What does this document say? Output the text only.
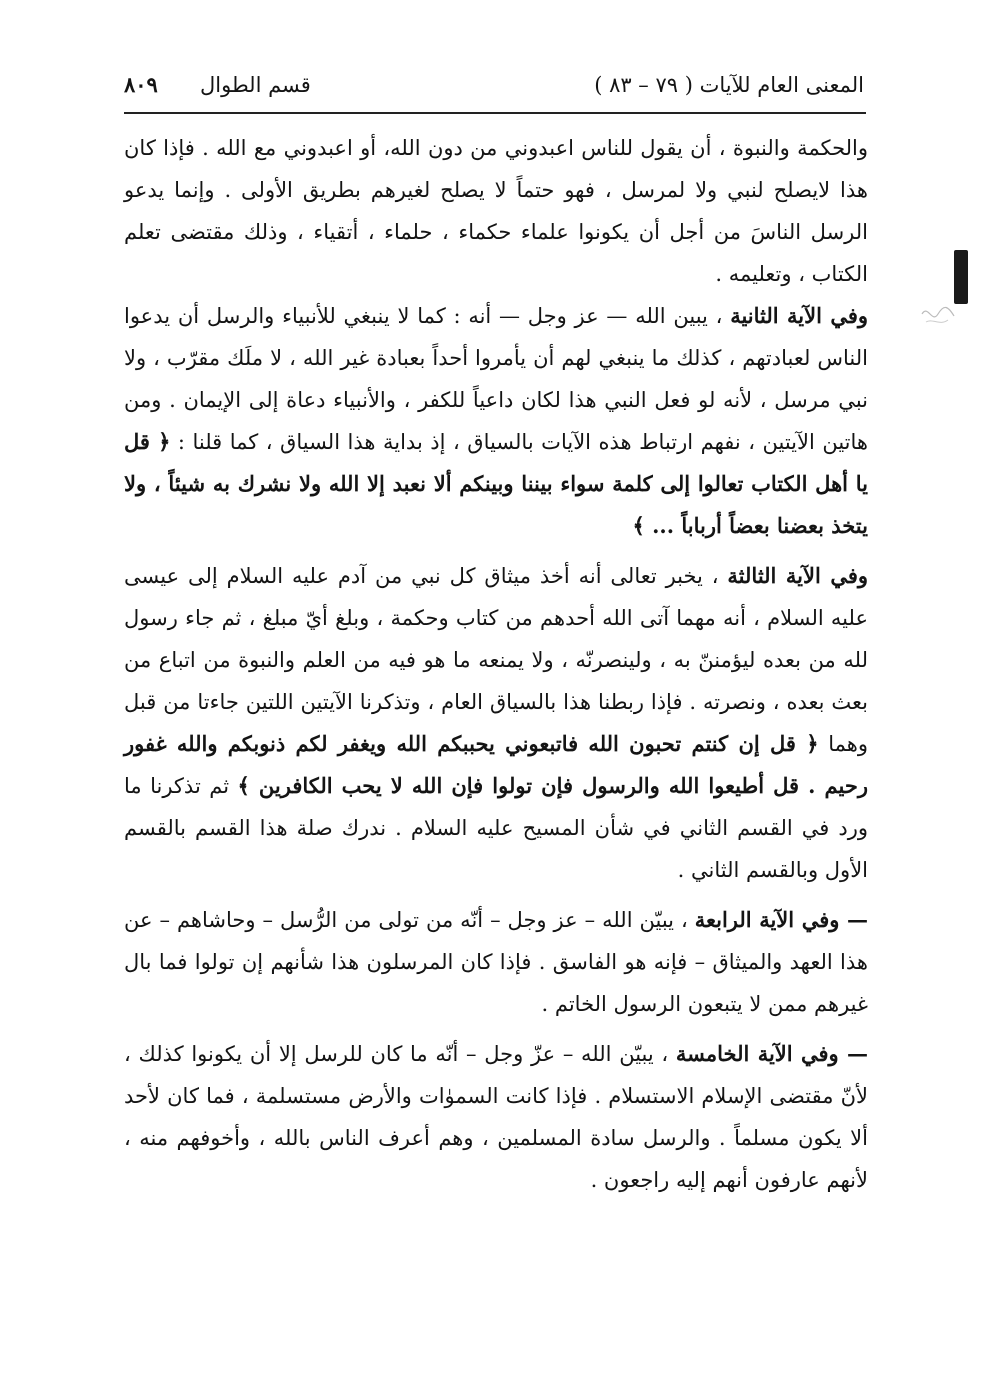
المعنى العام للآيات ( ٧٩ – ٨٣ )
قسم الطوال
٨٠٩

والحكمة والنبوة ، أن يقول للناس اعبدوني من دون الله، أو اعبدوني مع الله . فإذا كان هذا لايصلح لنبي ولا لمرسل ، فهو حتماً لا يصلح لغيرهم بطريق الأولى . وإنما يدعو الرسل الناسَ من أجل أن يكونوا علماء حكماء ، حلماء ، أتقياء ، وذلك مقتضى تعلم الكتاب ، وتعليمه .

وفي الآية الثانية ، يبين الله — عز وجل — أنه : كما لا ينبغي للأنبياء والرسل أن يدعوا الناس لعبادتهم ، كذلك ما ينبغي لهم أن يأمروا أحداً بعبادة غير الله ، لا ملَك مقرّب ، ولا نبي مرسل ، لأنه لو فعل النبي هذا لكان داعياً للكفر ، والأنبياء دعاة إلى الإيمان . ومن هاتين الآيتين ، نفهم ارتباط هذه الآيات بالسياق ، إذ بداية هذا السياق ، كما قلنا : ﴿ قل يا أهل الكتاب تعالوا إلى كلمة سواء بيننا وبينكم ألا نعبد إلا الله ولا نشرك به شيئاً ، ولا يتخذ بعضنا بعضاً أرباباً ... ﴾

وفي الآية الثالثة ، يخبر تعالى أنه أخذ ميثاق كل نبي من آدم عليه السلام إلى عيسى عليه السلام ، أنه مهما آتى الله أحدهم من كتاب وحكمة ، وبلغ أيّ مبلغ ، ثم جاء رسول لله من بعده ليؤمننّ به ، ولينصرنّه ، ولا يمنعه ما هو فيه من العلم والنبوة من اتباع من بعث بعده ، ونصرته . فإذا ربطنا هذا بالسياق العام ، وتذكرنا الآيتين اللتين جاءتا من قبل وهما ﴿ قل إن كنتم تحبون الله فاتبعوني يحببكم الله ويغفر لكم ذنوبكم والله غفور رحيم . قل أطيعوا الله والرسول فإن تولوا فإن الله لا يحب الكافرين ﴾ ثم تذكرنا ما ورد في القسم الثاني في شأن المسيح عليه السلام . ندرك صلة هذا القسم بالقسم الأول وبالقسم الثاني .

— وفي الآية الرابعة ، يبيّن الله – عز وجل – أنّه من تولى من الرُّسل – وحاشاهم – عن هذا العهد والميثاق – فإنه هو الفاسق . فإذا كان المرسلون هذا شأنهم إن تولوا فما بال غيرهم ممن لا يتبعون الرسول الخاتم .

— وفي الآية الخامسة ، يبيّن الله – عزّ وجل – أنّه ما كان للرسل إلا أن يكونوا كذلك ، لأنّ مقتضى الإسلام الاستسلام . فإذا كانت السموٰات والأرض مستسلمة ، فما كان لأحد ألا يكون مسلماً . والرسل سادة المسلمين ، وهم أعرف الناس بالله ، وأخوفهم منه ، لأنهم عارفون أنهم إليه راجعون .
